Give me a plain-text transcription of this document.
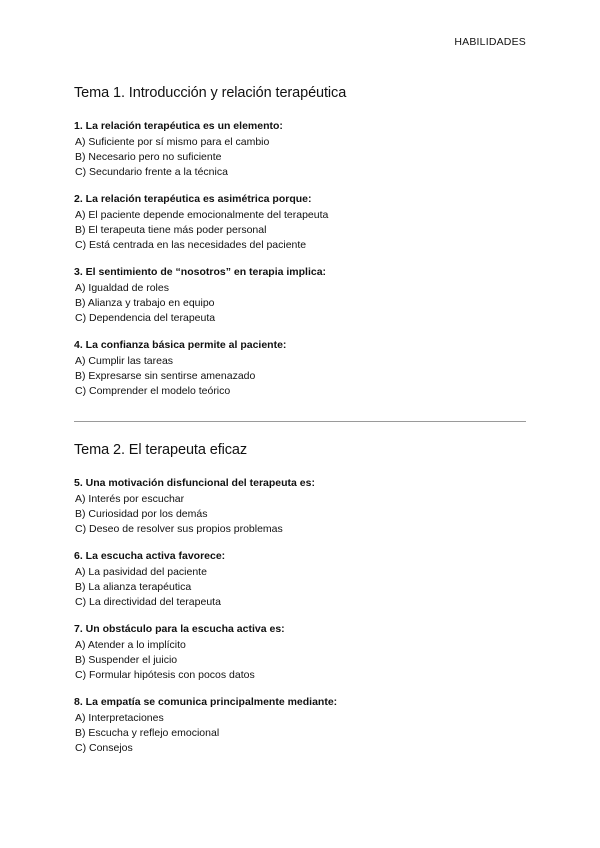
HABILIDADES
Tema 1. Introducción y relación terapéutica

1. La relación terapéutica es un elemento:

A) Suficiente por sí mismo para el cambio

B) Necesario pero no suficiente

C) Secundario frente a la técnica

2. La relación terapéutica es asimétrica porque:

A) El paciente depende emocionalmente del terapeuta

B) El terapeuta tiene más poder personal

C) Está centrada en las necesidades del paciente

3. El sentimiento de “nosotros” en terapia implica:

A) Igualdad de roles

B) Alianza y trabajo en equipo

C) Dependencia del terapeuta

4. La confianza básica permite al paciente:

A) Cumplir las tareas

B) Expresarse sin sentirse amenazado

C) Comprender el modelo teórico

Tema 2. El terapeuta eficaz

5. Una motivación disfuncional del terapeuta es:

A) Interés por escuchar

B) Curiosidad por los demás

C) Deseo de resolver sus propios problemas

6. La escucha activa favorece:

A) La pasividad del paciente

B) La alianza terapéutica

C) La directividad del terapeuta

7. Un obstáculo para la escucha activa es:

A) Atender a lo implícito

B) Suspender el juicio

C) Formular hipótesis con pocos datos

8. La empatía se comunica principalmente mediante:

A) Interpretaciones

B) Escucha y reflejo emocional

C) Consejos
